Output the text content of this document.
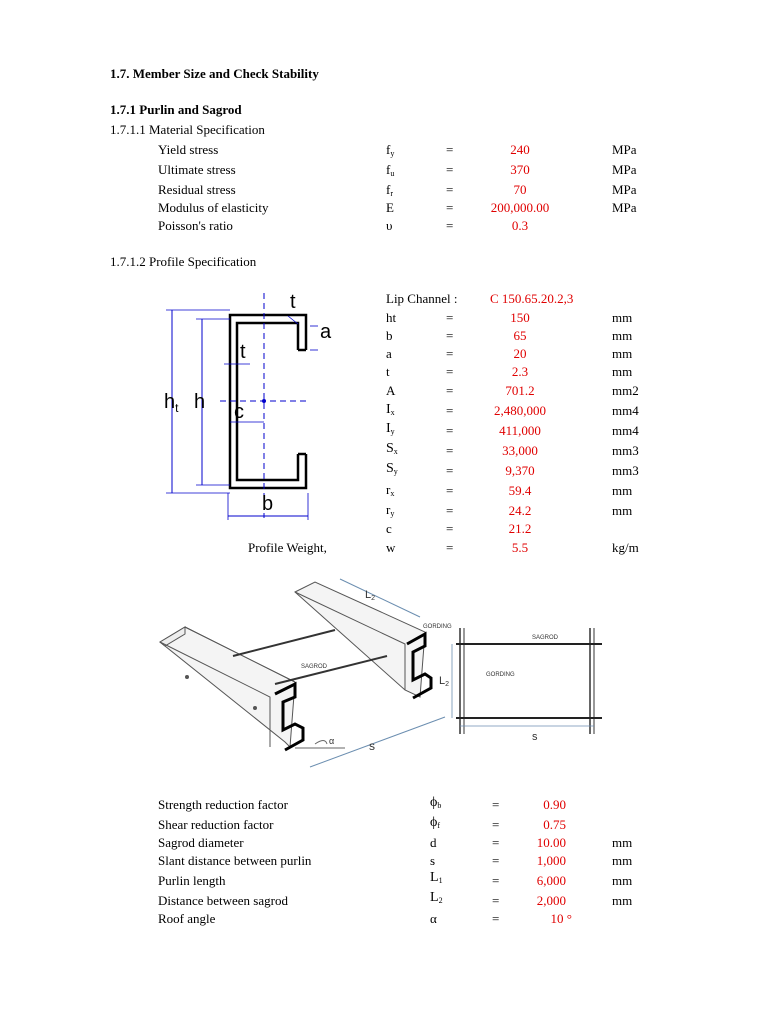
1.7. Member Size and Check Stability
1.7.1 Purlin and Sagrod
1.7.1.1 Material Specification
1.7.1.2 Profile Specification
Yield stress	$f_y$	=	240	MPa
Ultimate stress	$f_u$	=	370	MPa
Residual stress	$f_r$	=	70	MPa
Modulus of elasticity	E	=	200,000.00	MPa
Poisson's ratio	υ	=	0.3
t
a
t
$h_t$ h c
b
Lip Channel :	C 150.65.20.2,3
ht	=	150	mm
b	=	65	mm
a	=	20	mm
t	=	2.3	mm
A	=	701.2	mm2
$I_x$	=	2,480,000	mm4
$I_y$	=	411,000	mm4
$S_x$	=	33,000	mm3
$S_y$	=	9,370	mm3
$r_x$	=	59.4	mm
$r_y$	=	24.2	mm
c	=	21.2
Profile Weight,	w	=	5.5	kg/m
L2
GORDING
SAGROD
s
α
SAGROD
GORDING
L2
s
Strength reduction factor	$\phi_b$	=	0.90
Shear reduction factor	$\phi_f$	=	0.75
Sagrod diameter	d	=	10.00	mm
Slant distance between purlin	s	=	1,000	mm
Purlin length	$L_1$	=	6,000	mm
Distance between sagrod	$L_2$	=	2,000	mm
Roof angle	α	=	10 °
